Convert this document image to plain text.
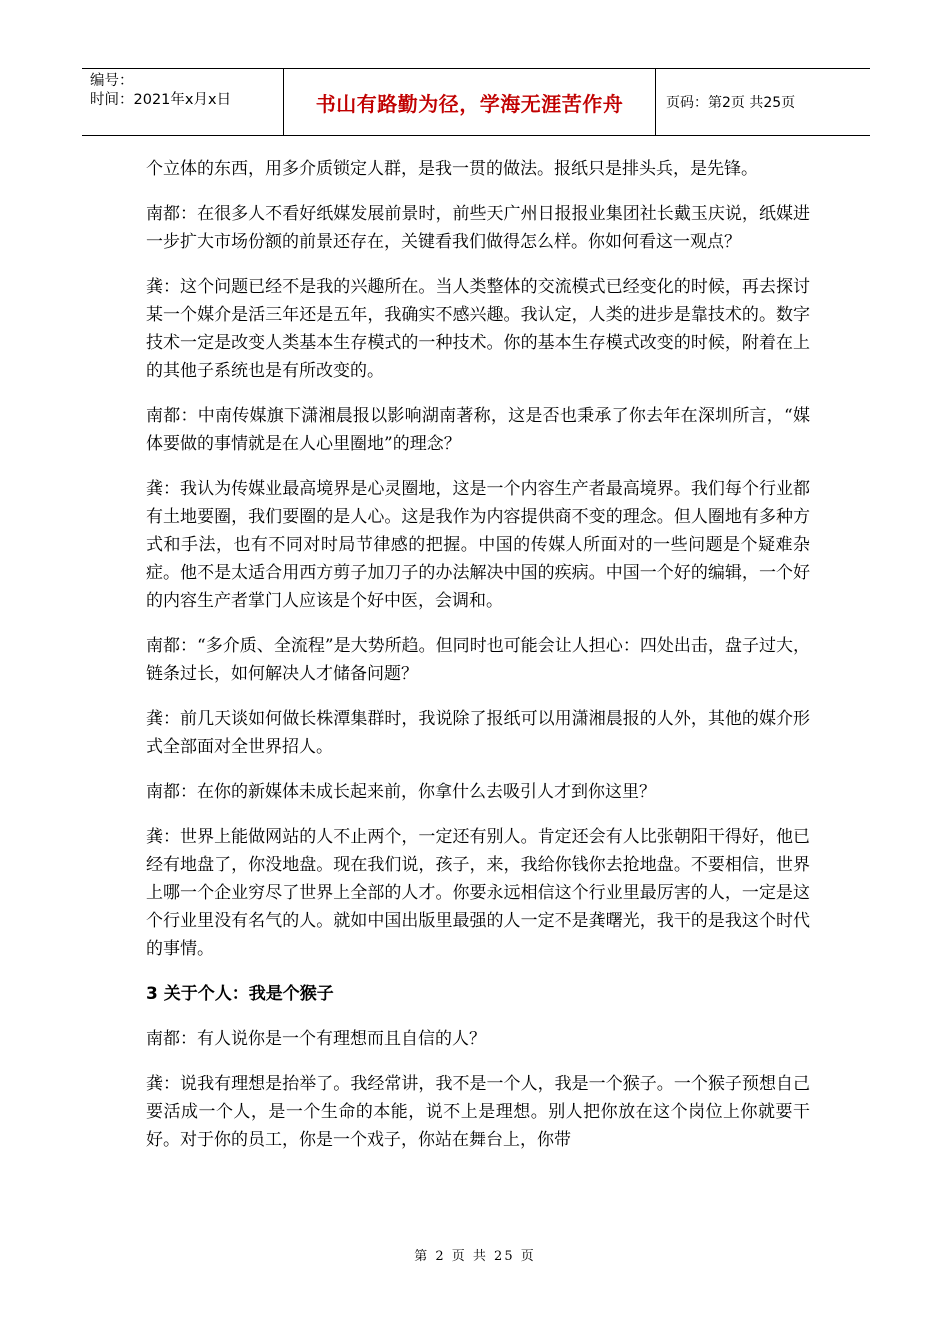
编号：
时间：2021年x月x日	书山有路勤为径，学海无涯苦作舟	页码：第2页 共25页

个立体的东西，用多介质锁定人群，是我一贯的做法。报纸只是排头兵，是先锋。

南都：在很多人不看好纸媒发展前景时，前些天广州日报报业集团社长戴玉庆说，纸媒进一步扩大市场份额的前景还存在，关键看我们做得怎么样。你如何看这一观点？

龚：这个问题已经不是我的兴趣所在。当人类整体的交流模式已经变化的时候，再去探讨某一个媒介是活三年还是五年，我确实不感兴趣。我认定，人类的进步是靠技术的。数字技术一定是改变人类基本生存模式的一种技术。你的基本生存模式改变的时候，附着在上的其他子系统也是有所改变的。

南都：中南传媒旗下潇湘晨报以影响湖南著称，这是否也秉承了你去年在深圳所言，“媒体要做的事情就是在人心里圈地”的理念？

龚：我认为传媒业最高境界是心灵圈地，这是一个内容生产者最高境界。我们每个行业都有土地要圈，我们要圈的是人心。这是我作为内容提供商不变的理念。但人圈地有多种方式和手法，也有不同对时局节律感的把握。中国的传媒人所面对的一些问题是个疑难杂症。他不是太适合用西方剪子加刀子的办法解决中国的疾病。中国一个好的编辑，一个好的内容生产者掌门人应该是个好中医，会调和。

南都：“多介质、全流程”是大势所趋。但同时也可能会让人担心：四处出击，盘子过大，链条过长，如何解决人才储备问题？

龚：前几天谈如何做长株潭集群时，我说除了报纸可以用潇湘晨报的人外，其他的媒介形式全部面对全世界招人。

南都：在你的新媒体未成长起来前，你拿什么去吸引人才到你这里？

龚：世界上能做网站的人不止两个，一定还有别人。肯定还会有人比张朝阳干得好，他已经有地盘了，你没地盘。现在我们说，孩子，来，我给你钱你去抢地盘。不要相信，世界上哪一个企业穷尽了世界上全部的人才。你要永远相信这个行业里最厉害的人，一定是这个行业里没有名气的人。就如中国出版里最强的人一定不是龚曙光，我干的是我这个时代的事情。

3 关于个人：我是个猴子

南都：有人说你是一个有理想而且自信的人？

龚：说我有理想是抬举了。我经常讲，我不是一个人，我是一个猴子。一个猴子预想自己要活成一个人，是一个生命的本能，说不上是理想。别人把你放在这个岗位上你就要干好。对于你的员工，你是一个戏子，你站在舞台上，你带

第 2 页 共 25 页
